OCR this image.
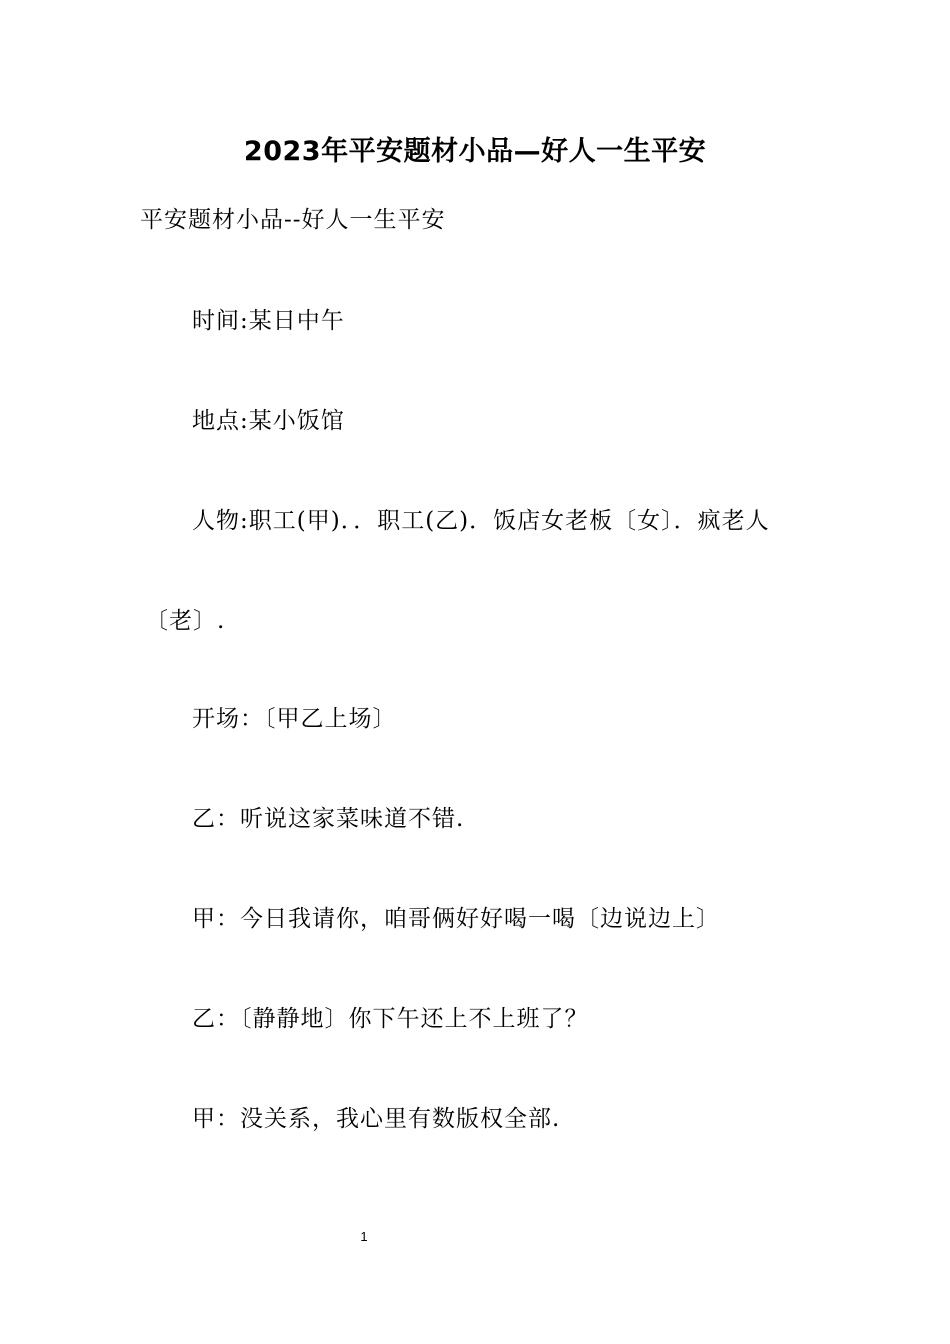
2023年平安题材小品—好人一生平安
平安题材小品--好人一生平安
时间:某日中午
地点:某小饭馆
人物:职工(甲)．．职工(乙)．饭店女老板〔女〕．疯老人
〔老〕.
开场：〔甲乙上场〕
乙：听说这家菜味道不错.
甲：今日我请你，咱哥俩好好喝一喝〔边说边上〕
乙：〔静静地〕你下午还上不上班了？
甲：没关系，我心里有数版权全部.
1
